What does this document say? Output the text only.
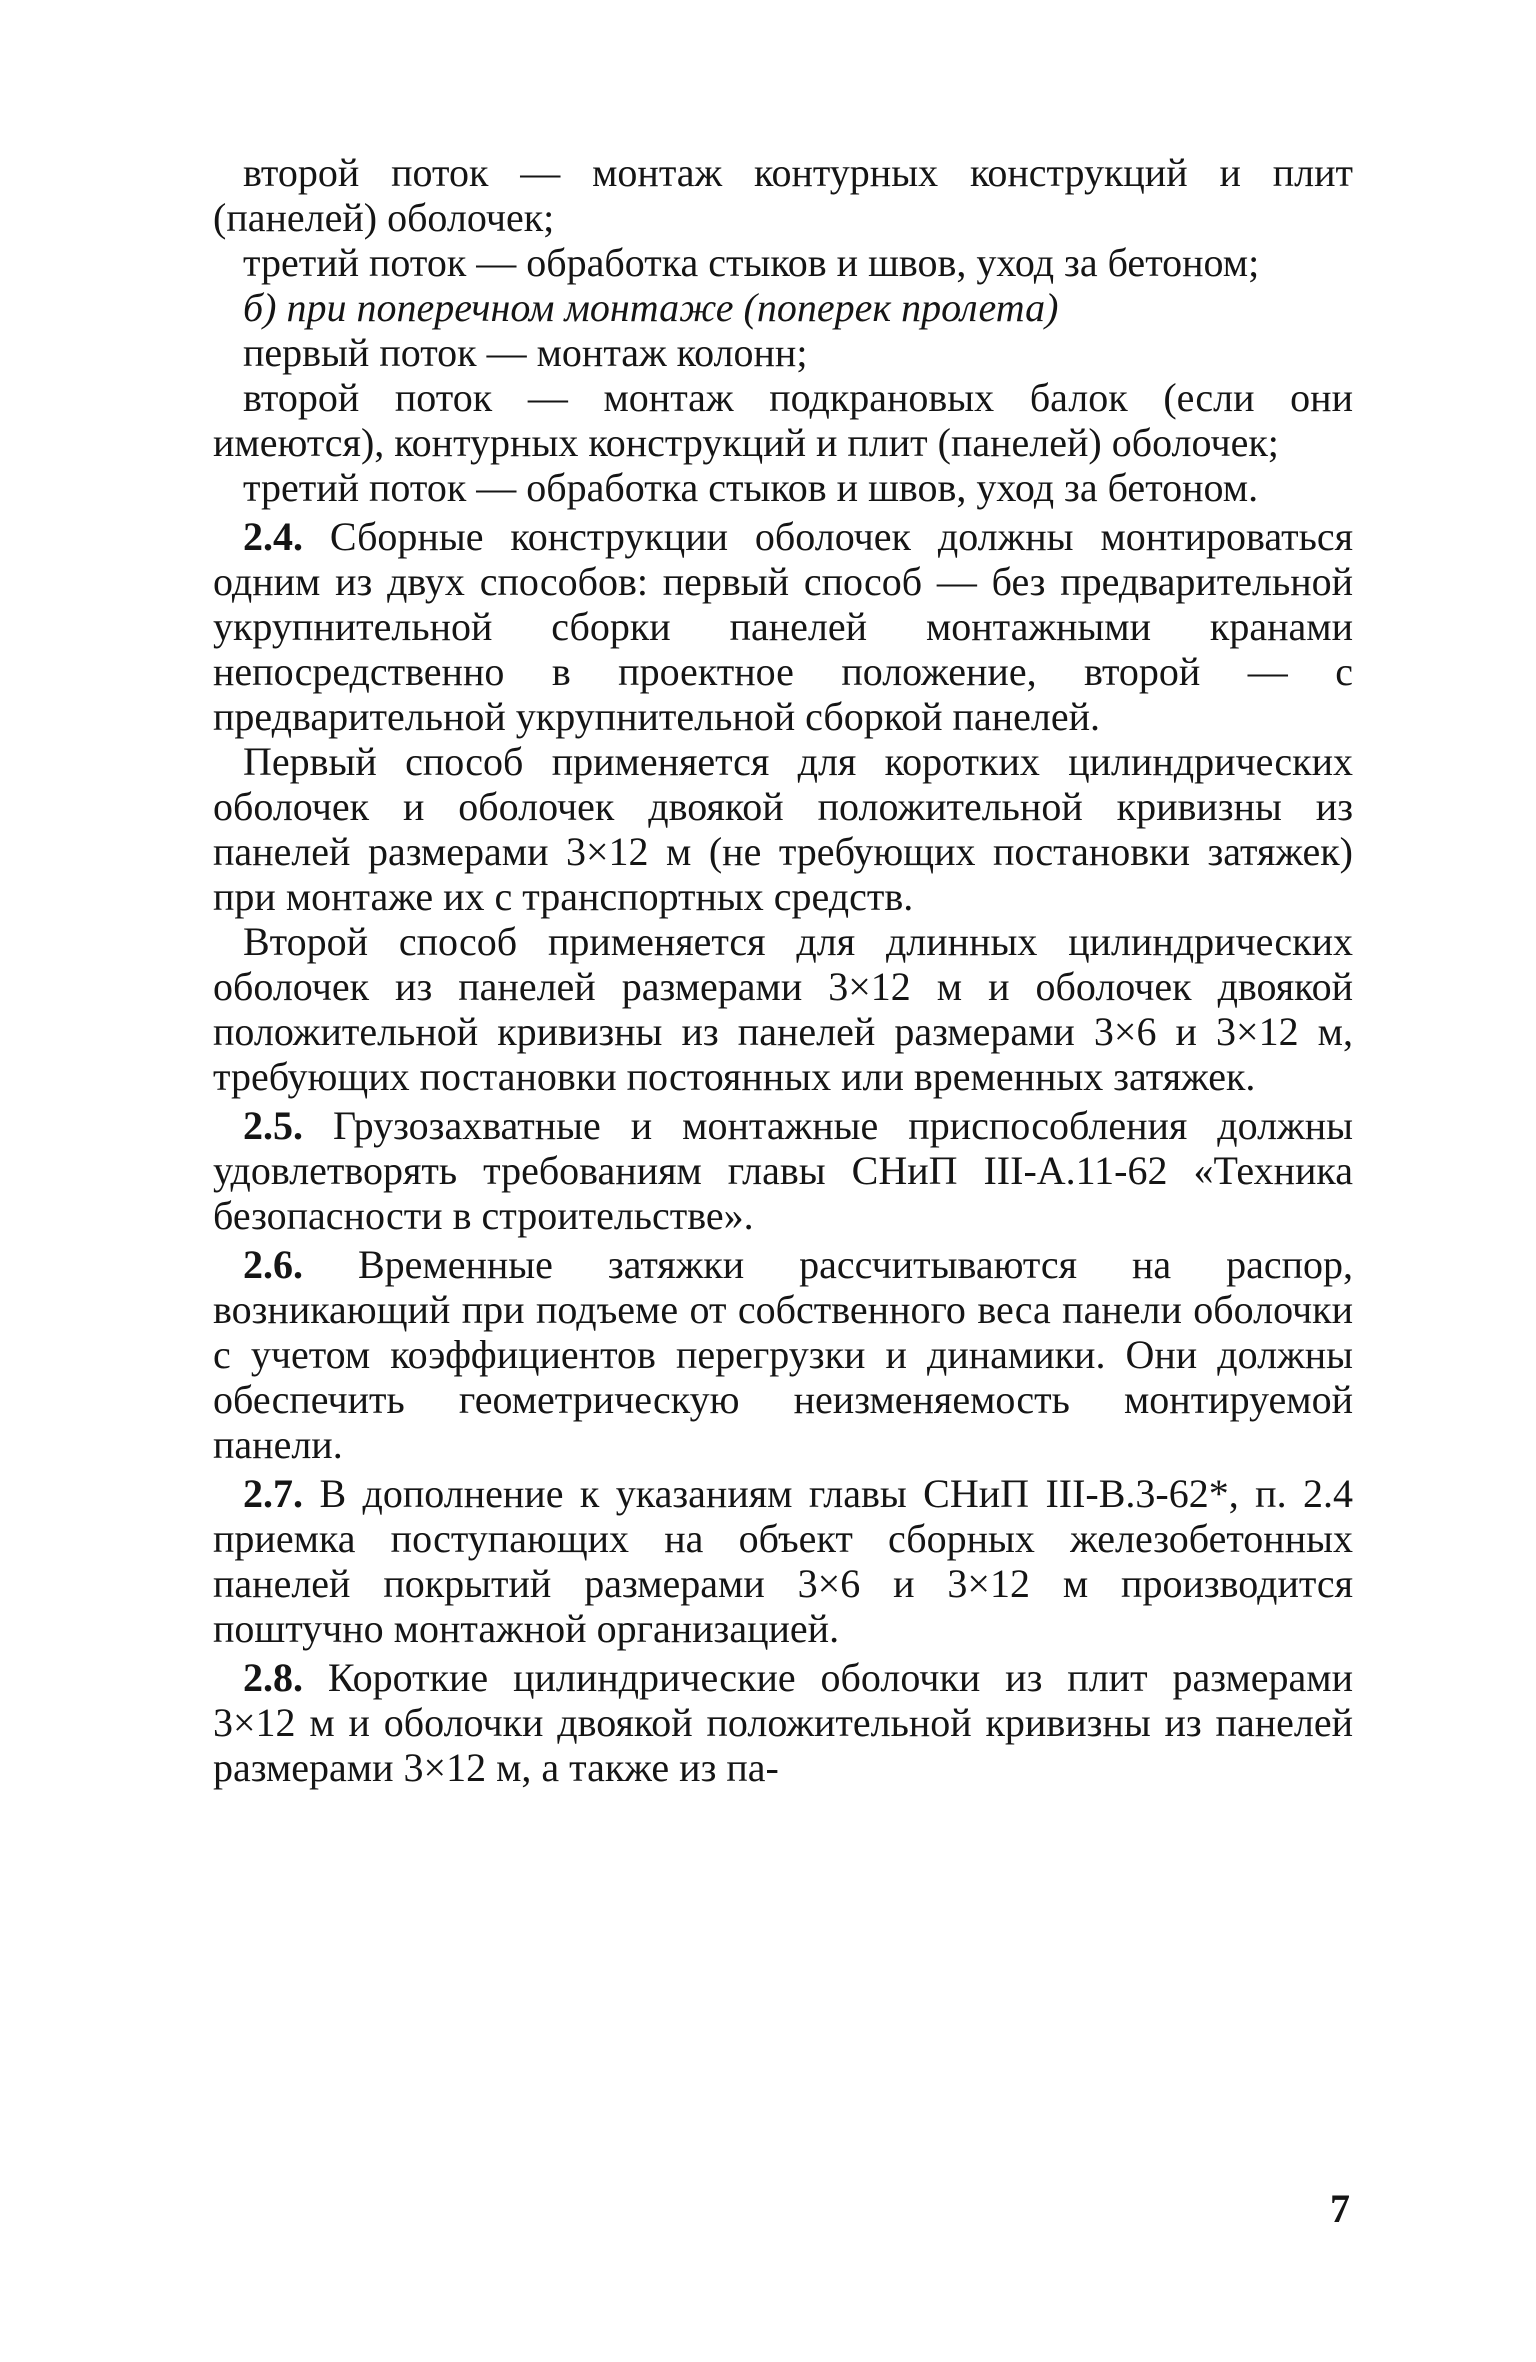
второй поток — монтаж контурных конструкций и плит (панелей) оболочек;

третий поток — обработка стыков и швов, уход за бетоном;

б) при поперечном монтаже (поперек пролета)

первый поток — монтаж колонн;

второй поток — монтаж подкрановых балок (если они имеются), контурных конструкций и плит (панелей) оболочек;

третий поток — обработка стыков и швов, уход за бетоном.

2.4. Сборные конструкции оболочек должны монтироваться одним из двух способов: первый способ — без предварительной укрупнительной сборки панелей монтажными кранами непосредственно в проектное положение, второй — с предварительной укрупнительной сборкой панелей.

Первый способ применяется для коротких цилиндрических оболочек и оболочек двоякой положительной кривизны из панелей размерами 3×12 м (не требующих постановки затяжек) при монтаже их с транспортных средств.

Второй способ применяется для длинных цилиндрических оболочек из панелей размерами 3×12 м и оболочек двоякой положительной кривизны из панелей размерами 3×6 и 3×12 м, требующих постановки постоянных или временных затяжек.

2.5. Грузозахватные и монтажные приспособления должны удовлетворять требованиям главы СНиП III-А.11-62 «Техника безопасности в строительстве».

2.6. Временные затяжки рассчитываются на распор, возникающий при подъеме от собственного веса панели оболочки с учетом коэффициентов перегрузки и динамики. Они должны обеспечить геометрическую неизменяемость монтируемой панели.

2.7. В дополнение к указаниям главы СНиП III-В.3-62*, п. 2.4 приемка поступающих на объект сборных железобетонных панелей покрытий размерами 3×6 и 3×12 м производится поштучно монтажной организацией.

2.8. Короткие цилиндрические оболочки из плит размерами 3×12 м и оболочки двоякой положительной кривизны из панелей размерами 3×12 м, а также из па-

7
